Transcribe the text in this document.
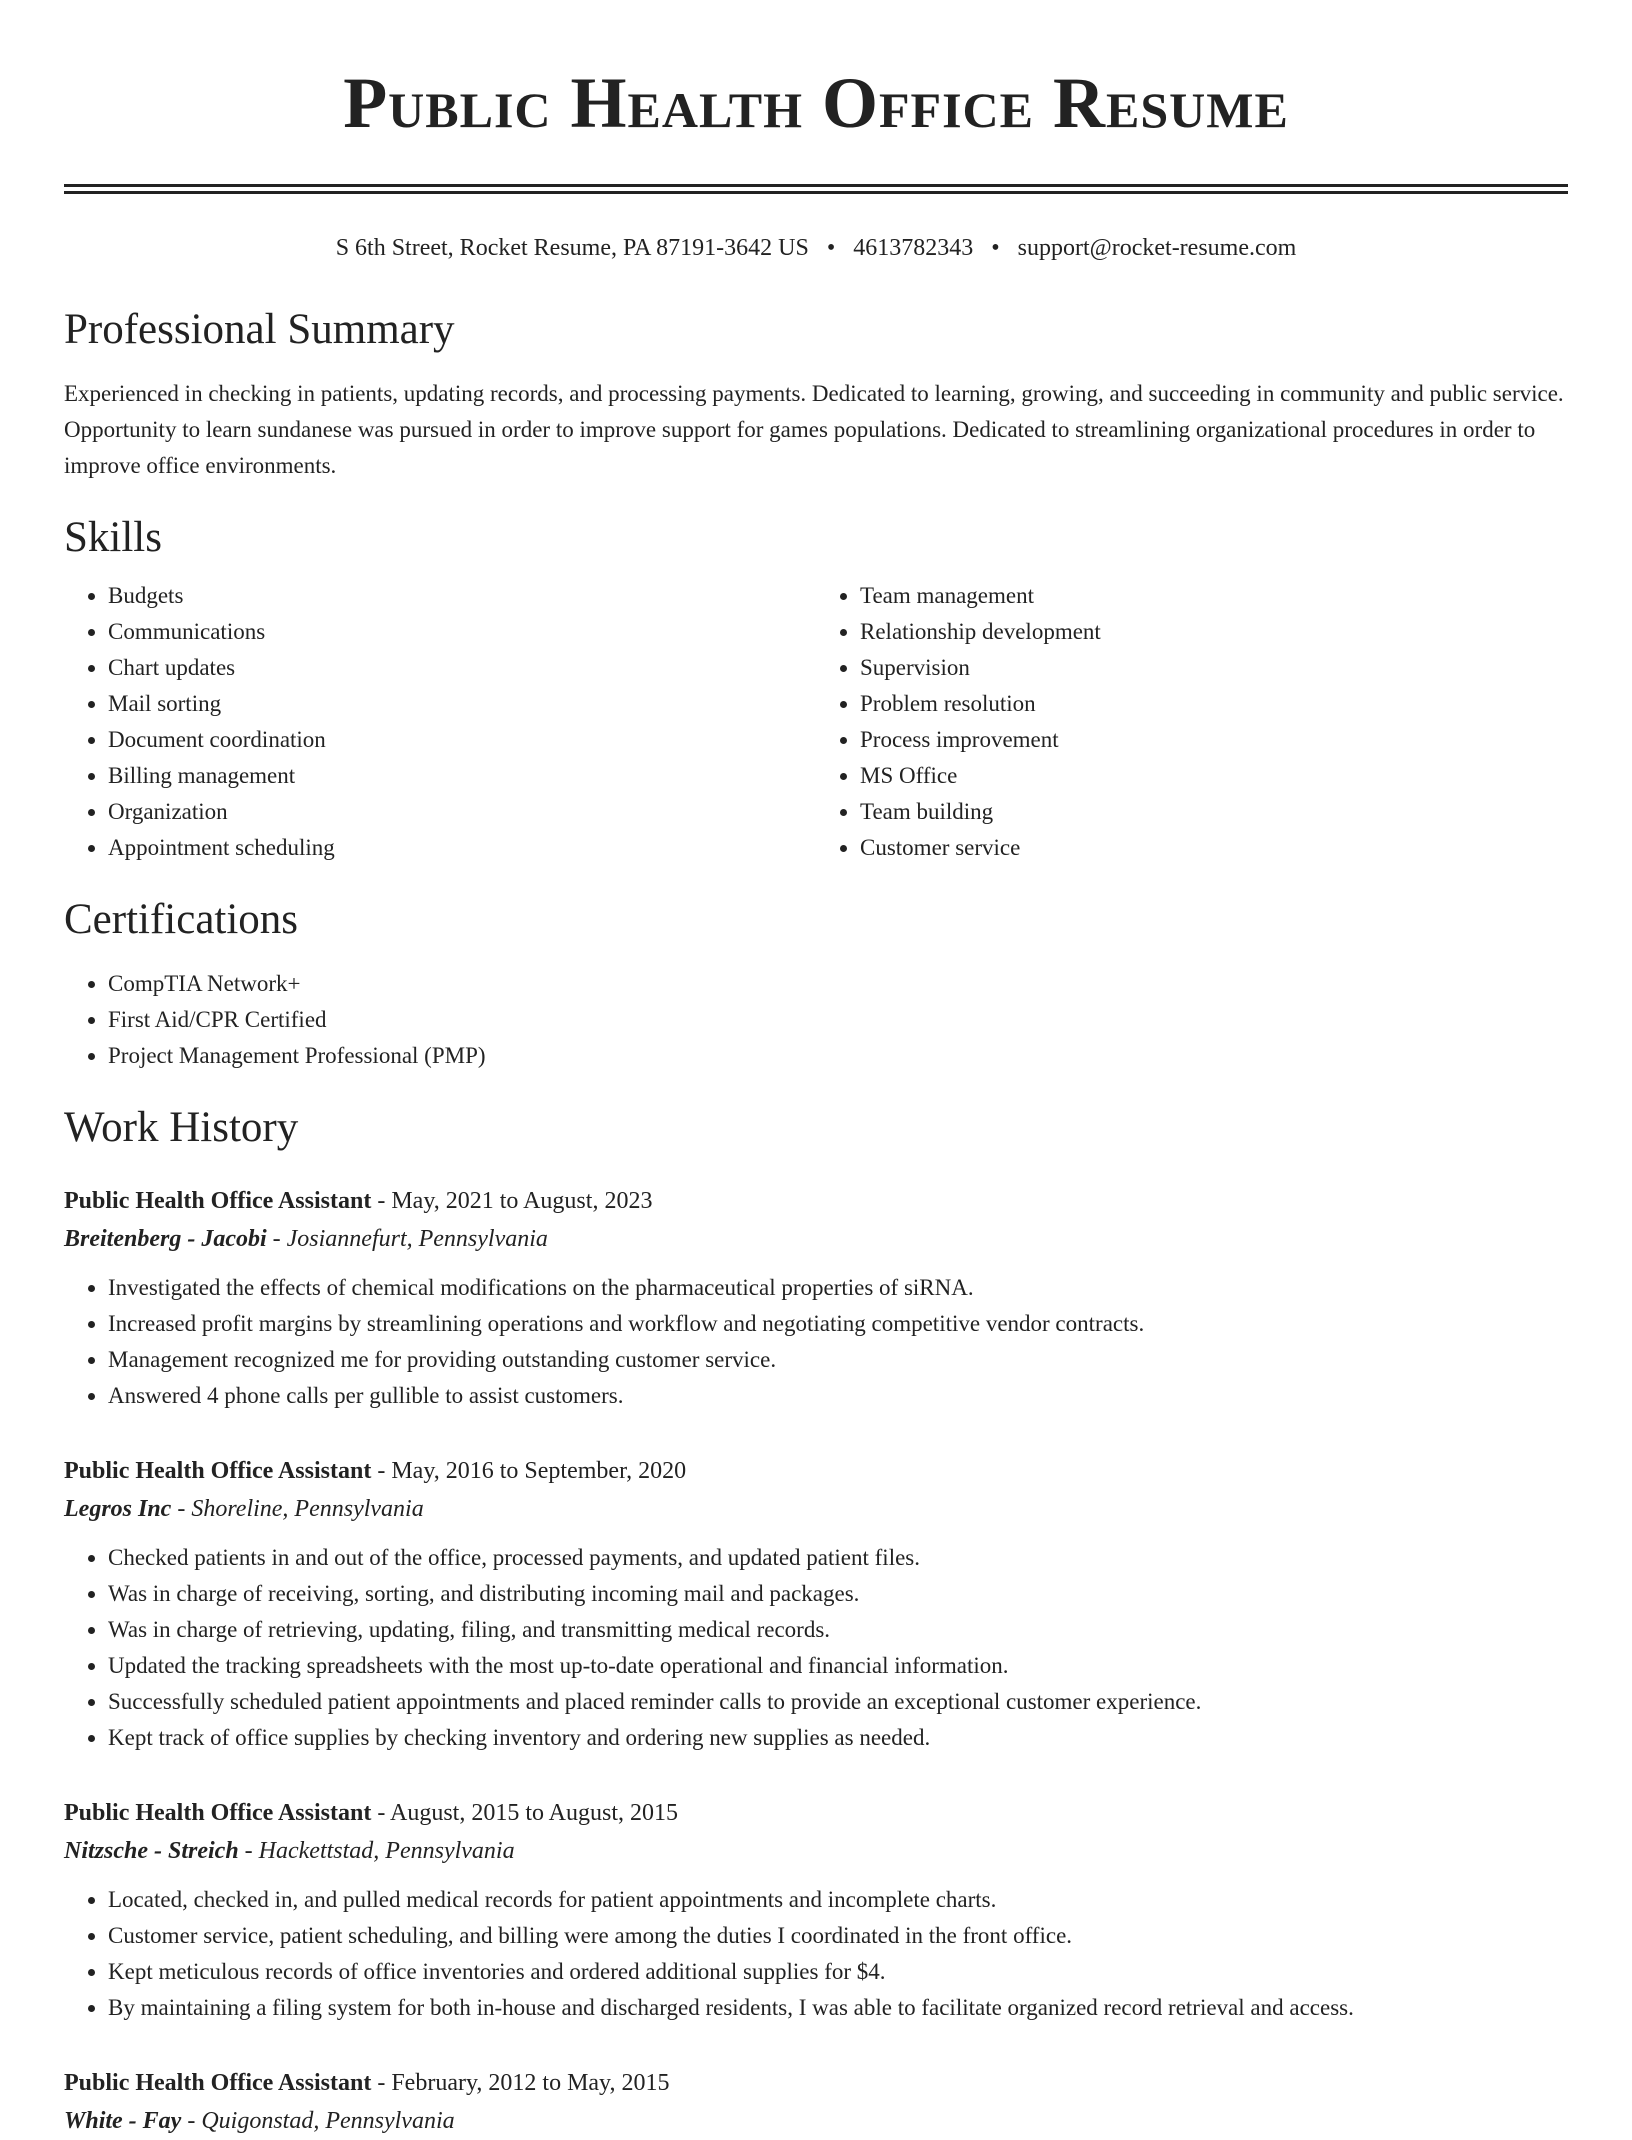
Public Health Office Resume
S 6th Street, Rocket Resume, PA 87191-3642 US • 4613782343 • support@rocket-resume.com
Professional Summary

Experienced in checking in patients, updating records, and processing payments. Dedicated to learning, growing, and succeeding in community and public service. Opportunity to learn sundanese was pursued in order to improve support for games populations. Dedicated to streamlining organizational procedures in order to improve office environments.

Skills
• Budgets
• Communications
• Chart updates
• Mail sorting
• Document coordination
• Billing management
• Organization
• Appointment scheduling
• Team management
• Relationship development
• Supervision
• Problem resolution
• Process improvement
• MS Office
• Team building
• Customer service
Certifications
• CompTIA Network+
• First Aid/CPR Certified
• Project Management Professional (PMP)
Work History
Public Health Office Assistant - May, 2021 to August, 2023
Breitenberg - Jacobi - Josiannefurt, Pennsylvania
• Investigated the effects of chemical modifications on the pharmaceutical properties of siRNA.
• Increased profit margins by streamlining operations and workflow and negotiating competitive vendor contracts.
• Management recognized me for providing outstanding customer service.
• Answered 4 phone calls per gullible to assist customers.
Public Health Office Assistant - May, 2016 to September, 2020
Legros Inc - Shoreline, Pennsylvania
• Checked patients in and out of the office, processed payments, and updated patient files.
• Was in charge of receiving, sorting, and distributing incoming mail and packages.
• Was in charge of retrieving, updating, filing, and transmitting medical records.
• Updated the tracking spreadsheets with the most up-to-date operational and financial information.
• Successfully scheduled patient appointments and placed reminder calls to provide an exceptional customer experience.
• Kept track of office supplies by checking inventory and ordering new supplies as needed.
Public Health Office Assistant - August, 2015 to August, 2015
Nitzsche - Streich - Hackettstad, Pennsylvania
• Located, checked in, and pulled medical records for patient appointments and incomplete charts.
• Customer service, patient scheduling, and billing were among the duties I coordinated in the front office.
• Kept meticulous records of office inventories and ordered additional supplies for $4.
• By maintaining a filing system for both in-house and discharged residents, I was able to facilitate organized record retrieval and access.
Public Health Office Assistant - February, 2012 to May, 2015
White - Fay - Quigonstad, Pennsylvania
